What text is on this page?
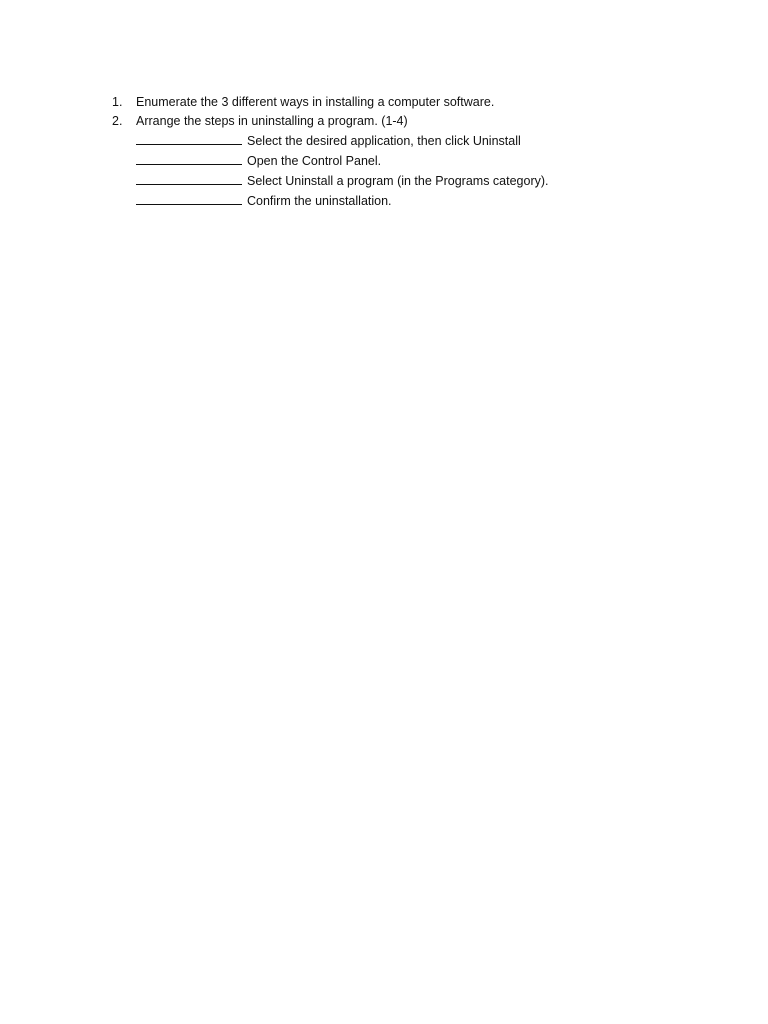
1.	Enumerate the 3 different ways in installing a computer software.
2.	Arrange the steps in uninstalling a program. (1-4)
Select the desired application, then click Uninstall
Open the Control Panel.
Select Uninstall a program (in the Programs category).
Confirm the uninstallation.
